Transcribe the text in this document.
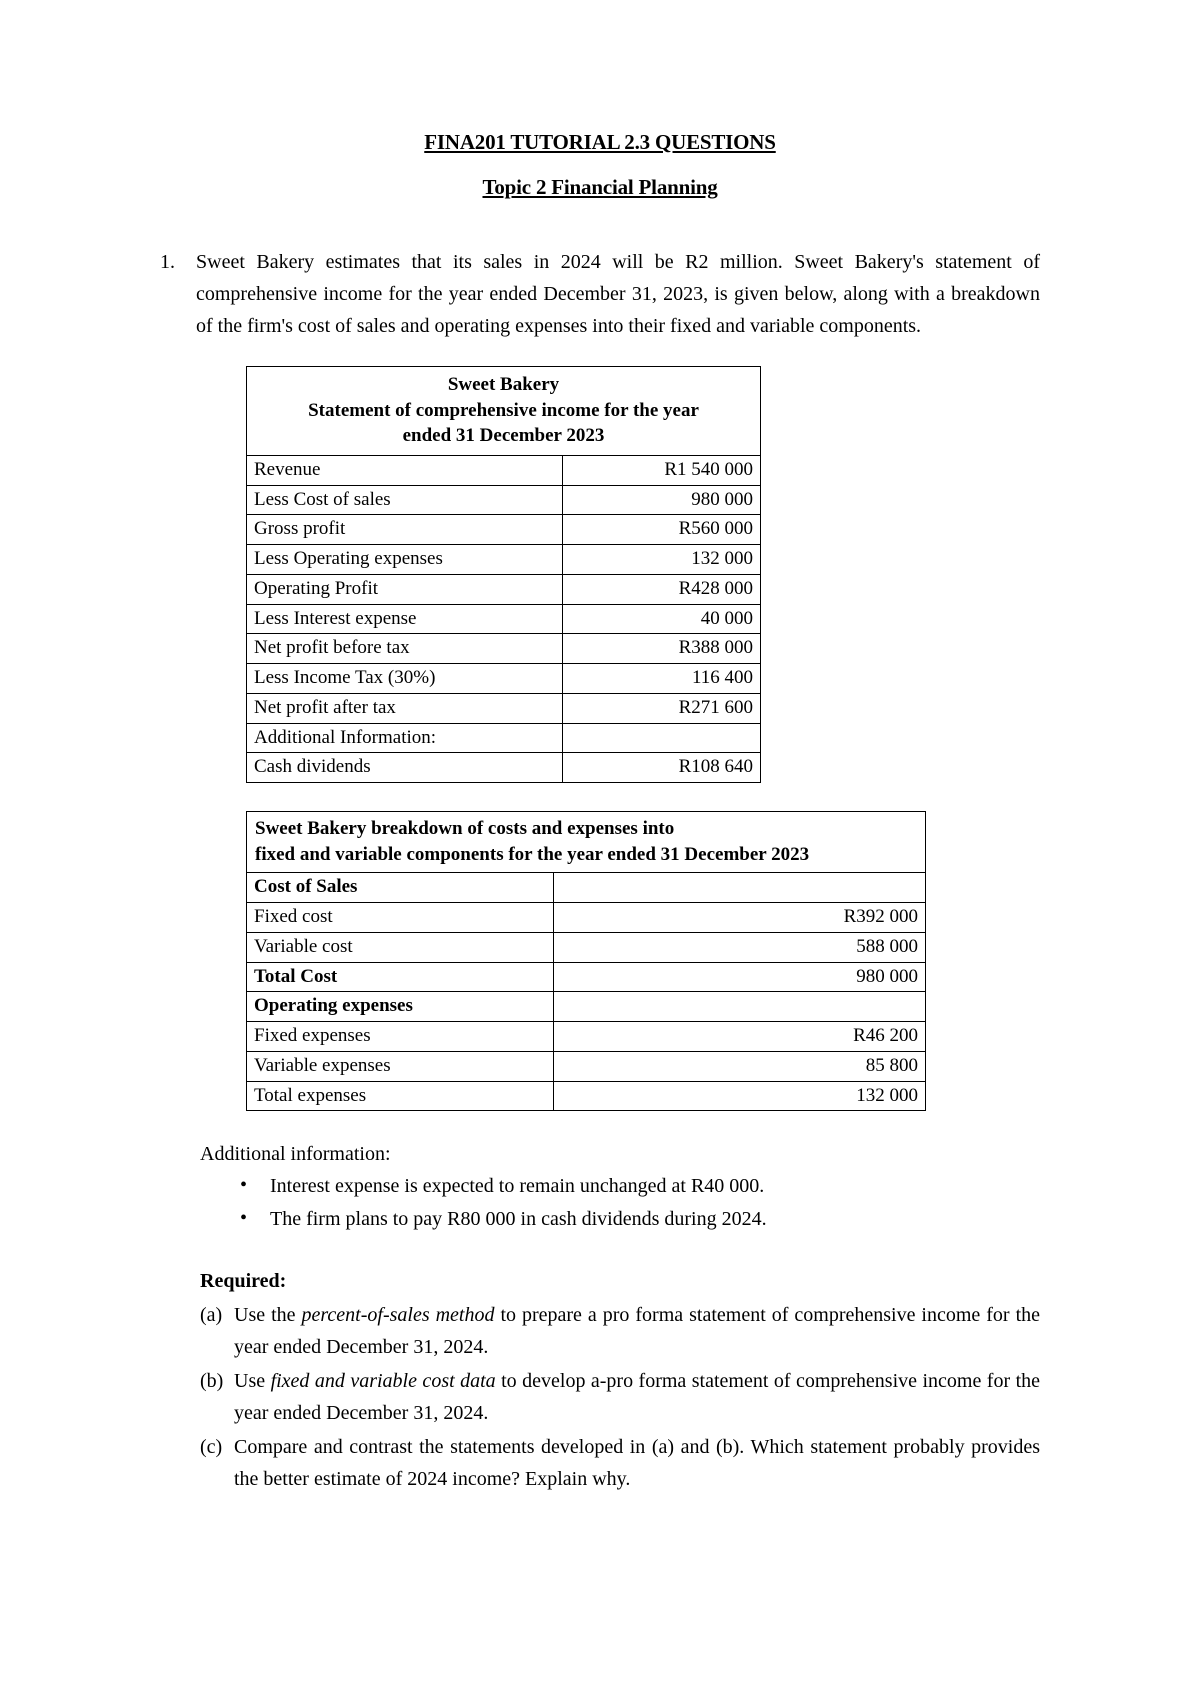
FINA201 TUTORIAL 2.3 QUESTIONS
Topic 2 Financial Planning
1.	Sweet Bakery estimates that its sales in 2024 will be R2 million. Sweet Bakery's statement of comprehensive income for the year ended December 31, 2023, is given below, along with a breakdown of the firm's cost of sales and operating expenses into their fixed and variable components.
Sweet Bakery
Statement of comprehensive income for the year
ended 31 December 2023	

Revenue	R1 540 000
Less Cost of sales	980 000
Gross profit	R560 000
Less Operating expenses	132 000
Operating Profit	R428 000
Less Interest expense	40 000
Net profit before tax	R388 000
Less Income Tax (30%)	116 400
Net profit after tax	R271 600
Additional Information:	
Cash dividends	R108 640
Sweet Bakery breakdown of costs and expenses into
fixed and variable components for the year ended 31 December 2023	

Cost of Sales	
Fixed cost	R392 000
Variable cost	588 000
Total Cost	980 000
Operating expenses	
Fixed expenses	R46 200
Variable expenses	85 800
Total expenses	132 000
Additional information:
• Interest expense is expected to remain unchanged at R40 000.
• The firm plans to pay R80 000 in cash dividends during 2024.
Required:
(a) Use the percent-of-sales method to prepare a pro forma statement of comprehensive income for the year ended December 31, 2024.
(b) Use fixed and variable cost data to develop a-pro forma statement of comprehensive income for the year ended December 31, 2024.
(c) Compare and contrast the statements developed in (a) and (b). Which statement probably provides the better estimate of 2024 income? Explain why.
